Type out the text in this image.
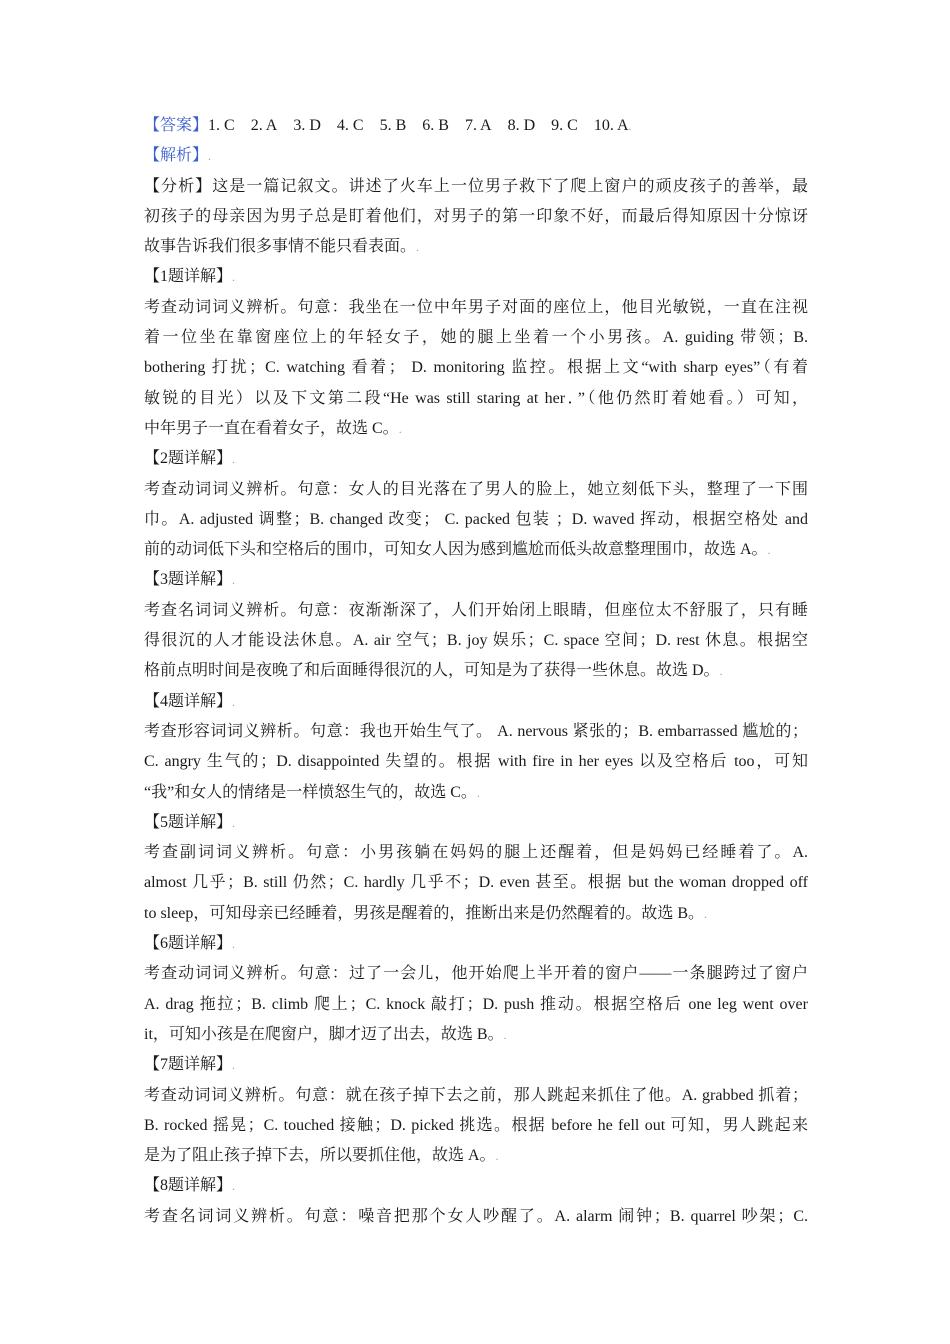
【答案】1. C 2. A 3. D 4. C 5. B 6. B 7. A 8. D 9. C 10. A.
【解析】.
【分析】这是一篇记叙文。讲述了火车上一位男子救下了爬上窗户的顽皮孩子的善举，最
初孩子的母亲因为男子总是盯着他们，对男子的第一印象不好，而最后得知原因十分惊讶
故事告诉我们很多事情不能只看表面。.
【1题详解】.
考查动词词义辨析。句意：我坐在一位中年男子对面的座位上，他目光敏锐，一直在注视
着一位坐在靠窗座位上的年轻女子，她的腿上坐着一个小男孩。A. guiding 带领；B.
bothering 打扰；C. watching 看着； D. monitoring 监控。根据上文“with sharp eyes”（有着
敏锐的目光）以及下文第二段“He was still staring at her．”（他仍然盯着她看。）可知，
中年男子一直在看着女子，故选 C。.
【2题详解】.
考查动词词义辨析。句意：女人的目光落在了男人的脸上，她立刻低下头，整理了一下围
巾。A. adjusted 调整；B. changed 改变； C. packed 包装 ；D. waved 挥动，根据空格处 and
前的动词低下头和空格后的围巾，可知女人因为感到尴尬而低头故意整理围巾，故选 A。.
【3题详解】.
考查名词词义辨析。句意：夜渐渐深了，人们开始闭上眼睛，但座位太不舒服了，只有睡
得很沉的人才能设法休息。A. air 空气；B. joy 娱乐；C. space 空间；D. rest 休息。根据空
格前点明时间是夜晚了和后面睡得很沉的人，可知是为了获得一些休息。故选 D。.
【4题详解】.
考查形容词词义辨析。句意：我也开始生气了。 A. nervous 紧张的；B. embarrassed 尴尬的；
C. angry 生气的；D. disappointed 失望的。根据 with fire in her eyes 以及空格后 too，可知
“我”和女人的情绪是一样愤怒生气的，故选 C。.
【5题详解】.
考查副词词义辨析。句意：小男孩躺在妈妈的腿上还醒着，但是妈妈已经睡着了。A.
almost 几乎；B. still 仍然；C. hardly 几乎不；D. even 甚至。根据 but the woman dropped off
to sleep，可知母亲已经睡着，男孩是醒着的，推断出来是仍然醒着的。故选 B。.
【6题详解】.
考查动词词义辨析。句意：过了一会儿，他开始爬上半开着的窗户——一条腿跨过了窗户
A. drag 拖拉；B. climb 爬上；C. knock 敲打；D. push 推动。根据空格后 one leg went over
it，可知小孩是在爬窗户，脚才迈了出去，故选 B。.
【7题详解】.
考查动词词义辨析。句意：就在孩子掉下去之前，那人跳起来抓住了他。A. grabbed 抓着；
B. rocked 摇晃；C. touched 接触；D. picked 挑选。根据 before he fell out 可知，男人跳起来
是为了阻止孩子掉下去，所以要抓住他，故选 A。.
【8题详解】.
考查名词词义辨析。句意：噪音把那个女人吵醒了。A. alarm 闹钟；B. quarrel 吵架；C.
